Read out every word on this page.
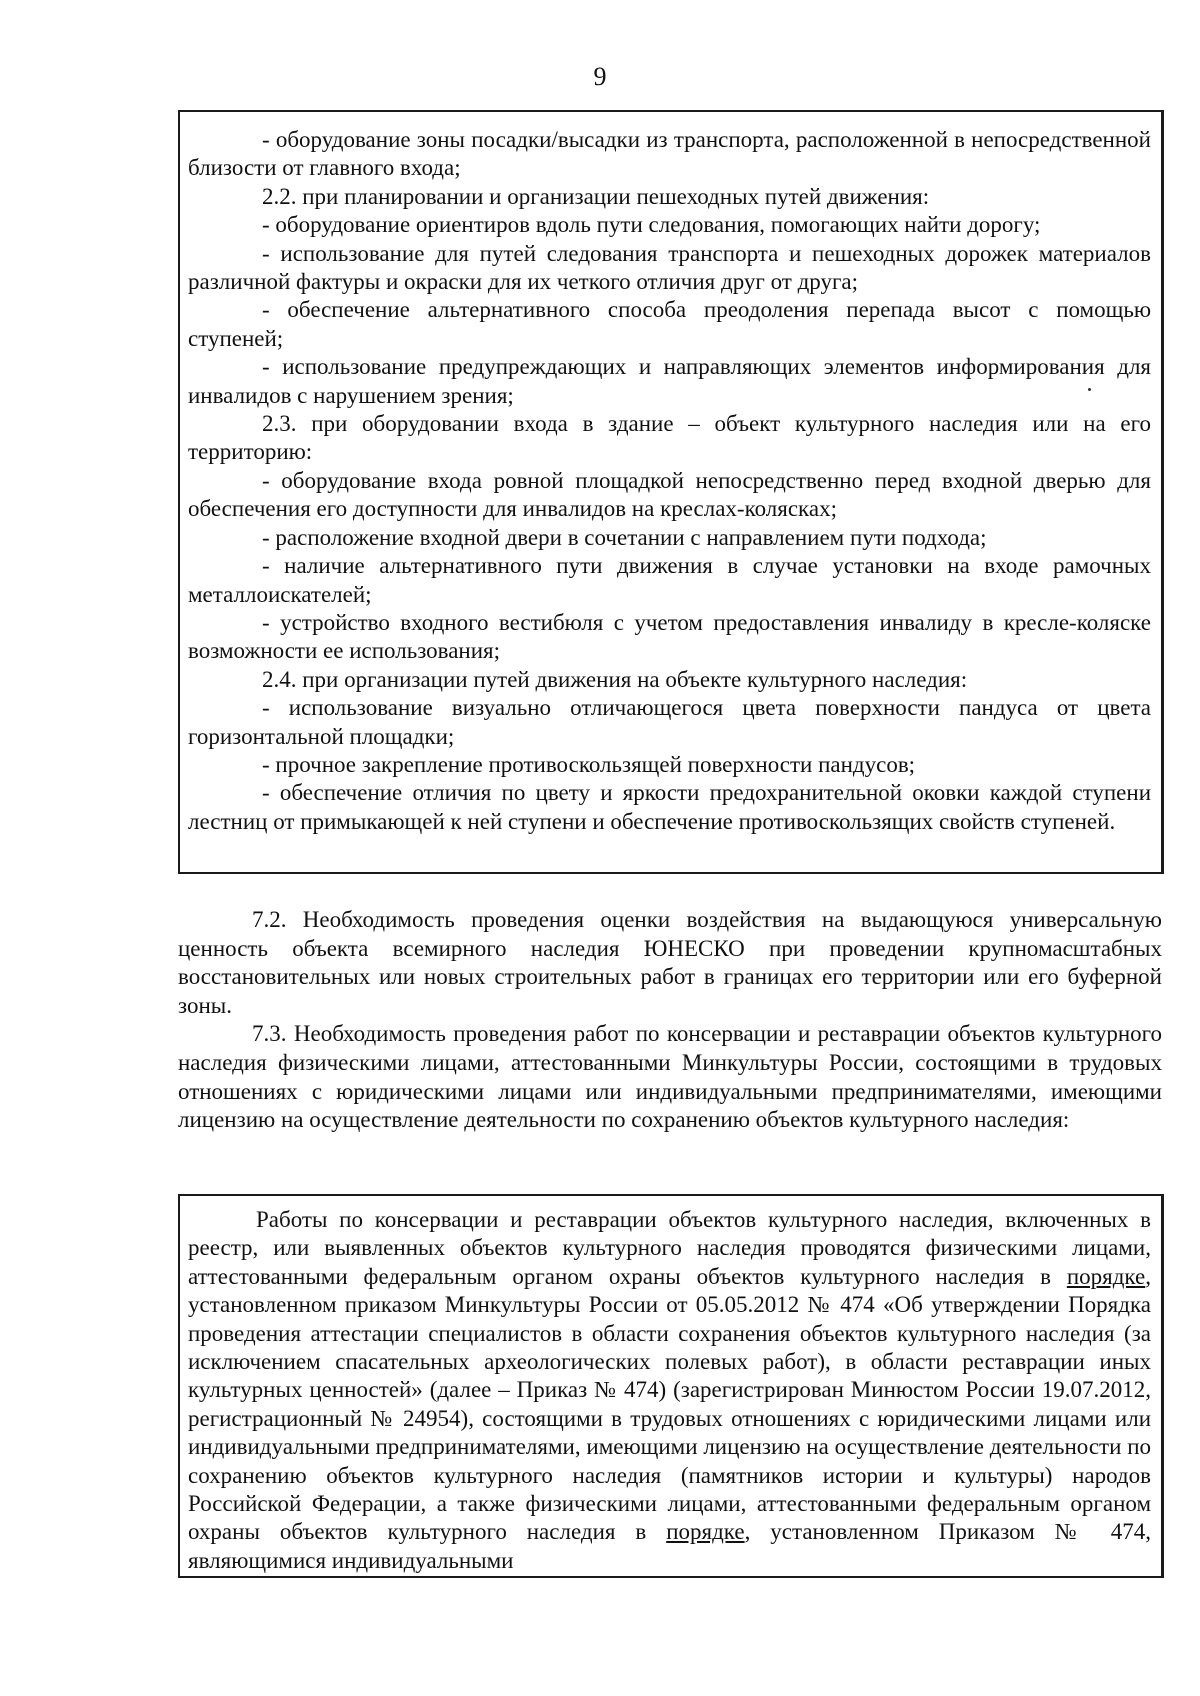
9

- оборудование зоны посадки/высадки из транспорта, расположенной в непосредственной близости от главного входа;

2.2. при планировании и организации пешеходных путей движения:

- оборудование ориентиров вдоль пути следования, помогающих найти дорогу;

- использование для путей следования транспорта и пешеходных дорожек материалов различной фактуры и окраски для их четкого отличия друг от друга;

- обеспечение альтернативного способа преодоления перепада высот с помощью ступеней;

- использование предупреждающих и направляющих элементов информирования для инвалидов с нарушением зрения;

2.3. при оборудовании входа в здание – объект культурного наследия или на его территорию:

- оборудование входа ровной площадкой непосредственно перед входной дверью для обеспечения его доступности для инвалидов на креслах-колясках;

- расположение входной двери в сочетании с направлением пути подхода;

- наличие альтернативного пути движения в случае установки на входе рамочных металлоискателей;

- устройство входного вестибюля с учетом предоставления инвалиду в кресле-коляске возможности ее использования;

2.4. при организации путей движения на объекте культурного наследия:

- использование визуально отличающегося цвета поверхности пандуса от цвета горизонтальной площадки;

- прочное закрепление противоскользящей поверхности пандусов;

- обеспечение отличия по цвету и яркости предохранительной оковки каждой ступени лестниц от примыкающей к ней ступени и обеспечение противоскользящих свойств ступеней.

7.2. Необходимость проведения оценки воздействия на выдающуюся универсальную ценность объекта всемирного наследия ЮНЕСКО при проведении крупномасштабных восстановительных или новых строительных работ в границах его территории или его буферной зоны.

7.3. Необходимость проведения работ по консервации и реставрации объектов культурного наследия физическими лицами, аттестованными Минкультуры России, состоящими в трудовых отношениях с юридическими лицами или индивидуальными предпринимателями, имеющими лицензию на осуществление деятельности по сохранению объектов культурного наследия:

Работы по консервации и реставрации объектов культурного наследия, включенных в реестр, или выявленных объектов культурного наследия проводятся физическими лицами, аттестованными федеральным органом охраны объектов культурного наследия в порядке, установленном приказом Минкультуры России от 05.05.2012 № 474 «Об утверждении Порядка проведения аттестации специалистов в области сохранения объектов культурного наследия (за исключением спасательных археологических полевых работ), в области реставрации иных культурных ценностей» (далее – Приказ № 474) (зарегистрирован Минюстом России 19.07.2012, регистрационный № 24954), состоящими в трудовых отношениях с юридическими лицами или индивидуальными предпринимателями, имеющими лицензию на осуществление деятельности по сохранению объектов культурного наследия (памятников истории и культуры) народов Российской Федерации, а также физическими лицами, аттестованными федеральным органом охраны объектов культурного наследия в порядке, установленном Приказом № 474, являющимися индивидуальными
